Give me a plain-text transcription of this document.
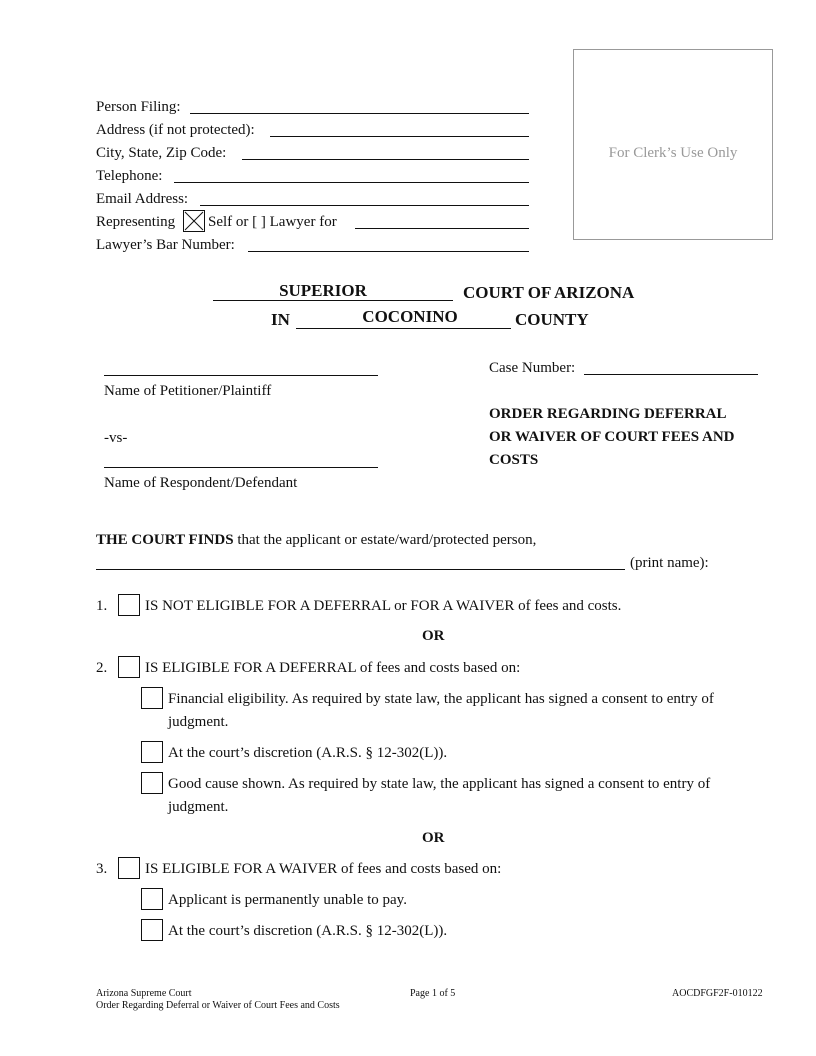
Person Filing:
Address (if not protected):
City, State, Zip Code:
Telephone:
Email Address:
Representing Self or [ ] Lawyer for
Lawyer’s Bar Number:
For Clerk’s Use Only
SUPERIOR	COURT OF ARIZONA
IN	COCONINO	COUNTY
Name of Petitioner/Plaintiff
-vs-
Name of Respondent/Defendant
Case Number:
ORDER REGARDING DEFERRAL
OR WAIVER OF COURT FEES AND
COSTS
THE COURT FINDS that the applicant or estate/ward/protected person,
(print name):
1.	IS NOT ELIGIBLE FOR A DEFERRAL or FOR A WAIVER of fees and costs.
OR
2.	IS ELIGIBLE FOR A DEFERRAL of fees and costs based on:
Financial eligibility. As required by state law, the applicant has signed a consent to entry of
judgment.
At the court’s discretion (A.R.S. § 12-302(L)).
Good cause shown. As required by state law, the applicant has signed a consent to entry of
judgment.
OR
3.	IS ELIGIBLE FOR A WAIVER of fees and costs based on:
Applicant is permanently unable to pay.
At the court’s discretion (A.R.S. § 12-302(L)).
Arizona Supreme Court
Order Regarding Deferral or Waiver of Court Fees and Costs
Page 1 of 5	AOCDFGF2F-010122
